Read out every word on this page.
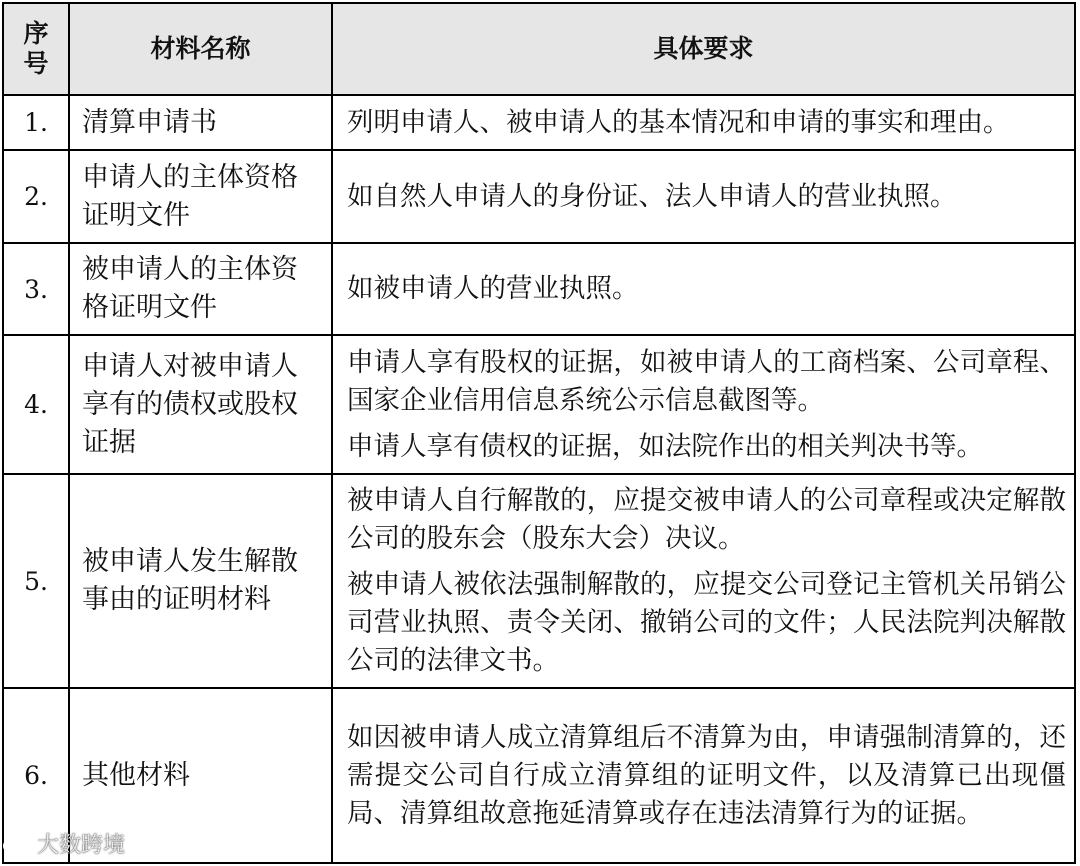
序
号	材料名称	具体要求
1.	清算申请书	列明申请人、被申请人的基本情况和申请的事实和理由。

2.	申请人的主体资格证明文件	如自然人申请人的身份证、法人申请人的营业执照。

3.	被申请人的主体资格证明文件	如被申请人的营业执照。

4.	申请人对被申请人享有的债权或股权证据	申请人享有股权的证据，如被申请人的工商档案、公司章程、国家企业信用信息系统公示信息截图等。

申请人享有债权的证据，如法院作出的相关判决书等。

5.	被申请人发生解散事由的证明材料	被申请人自行解散的，应提交被申请人的公司章程或决定解散公司的股东会（股东大会）决议。

被申请人被依法强制解散的，应提交公司登记主管机关吊销公司营业执照、责令关闭、撤销公司的文件；人民法院判决解散公司的法律文书。

6.	其他材料	如因被申请人成立清算组后不清算为由，申请强制清算的，还需提交公司自行成立清算组的证明文件，以及清算已出现僵局、清算组故意拖延清算或存在违法清算行为的证据。

大数跨境
